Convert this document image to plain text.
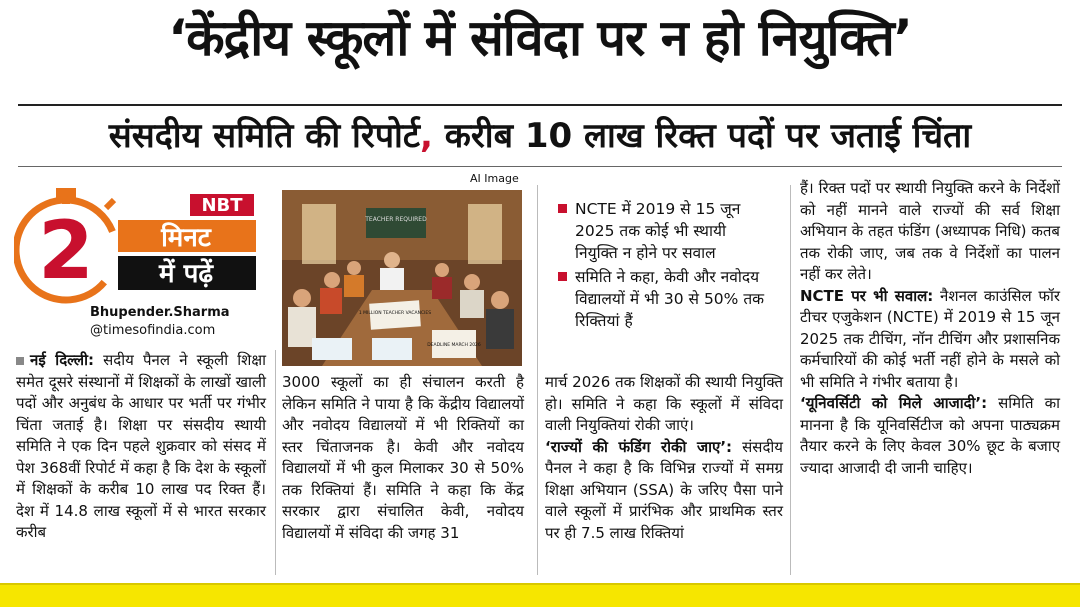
‘केंद्रीय स्कूलों में संविदा पर न हो नियुक्ति’
संसदीय समिति की रिपोर्ट, करीब 10 लाख रिक्त पदों पर जताई चिंता
2	NBT
मिनट
में पढ़ें
Bhupender.Sharma
@timesofindia.com
AI Image
TEACHER REQUIRED
1 MILLION TEACHER VACANCIES
DEADLINE MARCH 2026
NCTE में 2019 से 15 जून 2025 तक कोई भी स्थायी नियुक्ति न होने पर सवाल
समिति ने कहा, केवी और नवोदय विद्यालयों में भी 30 से 50% तक रिक्तियां हैं

नई दिल्ली: सदीय पैनल ने स्कूली शिक्षा समेत दूसरे संस्थानों में शिक्षकों के लाखों खाली पदों और अनुबंध के आधार पर भर्ती पर गंभीर चिंता जताई है। शिक्षा पर संसदीय स्थायी समिति ने एक दिन पहले शुक्रवार को संसद में पेश 368वीं रिपोर्ट में कहा है कि देश के स्कूलों में शिक्षकों के करीब 10 लाख पद रिक्त हैं। देश में 14.8 लाख स्कूलों में से भारत सरकार करीब

3000 स्कूलों का ही संचालन करती है लेकिन समिति ने पाया है कि केंद्रीय विद्यालयों और नवोदय विद्यालयों में भी रिक्तियों का स्तर चिंताजनक है। केवी और नवोदय विद्यालयों में भी कुल मिलाकर 30 से 50% तक रिक्तियां हैं। समिति ने कहा कि केंद्र सरकार द्वारा संचालित केवी, नवोदय विद्यालयों में संविदा की जगह 31

मार्च 2026 तक शिक्षकों की स्थायी नियुक्ति हो। समिति ने कहा कि स्कूलों में संविदा वाली नियुक्तियां रोकी जाएं।

‘राज्यों की फंडिंग रोकी जाए’: संसदीय पैनल ने कहा है कि विभिन्न राज्यों में समग्र शिक्षा अभियान (SSA) के जरिए पैसा पाने वाले स्कूलों में प्रारंभिक और प्राथमिक स्तर पर ही 7.5 लाख रिक्तियां

हैं। रिक्त पदों पर स्थायी नियुक्ति करने के निर्देशों को नहीं मानने वाले राज्यों की सर्व शिक्षा अभियान के तहत फंडिंग (अध्यापक निधि) कतब तक रोकी जाए, जब तक वे निर्देशों का पालन नहीं कर लेते।

NCTE पर भी सवाल: नैशनल काउंसिल फॉर टीचर एजुकेशन (NCTE) में 2019 से 15 जून 2025 तक टीचिंग, नॉन टीचिंग और प्रशासनिक कर्मचारियों की कोई भर्ती नहीं होने के मसले को भी समिति ने गंभीर बताया है।

‘यूनिवर्सिटी को मिले आजादी’: समिति का मानना है कि यूनिवर्सिटीज को अपना पाठ्यक्रम तैयार करने के लिए केवल 30% छूट के बजाए ज्यादा आजादी दी जानी चाहिए।
